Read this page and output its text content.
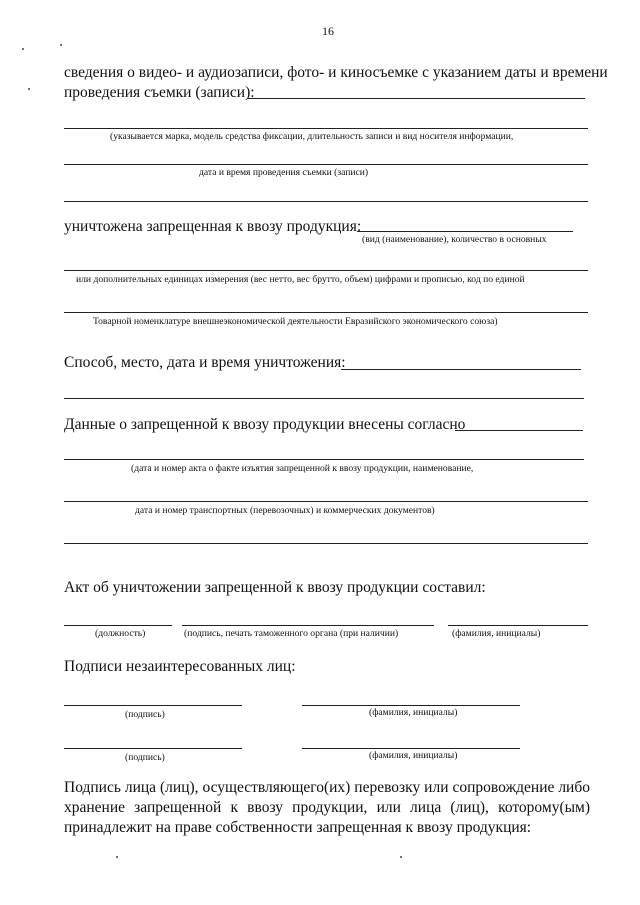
16
сведения о видео- и аудиозаписи, фото- и киносъемке с указанием даты и времени
проведения съемки (записи):
(указывается марка, модель средства фиксации, длительность записи и вид носителя информации,
дата и время проведения съемки (записи)
уничтожена запрещенная к ввозу продукция:
(вид (наименование), количество в основных
или дополнительных единицах измерения (вес нетто, вес брутто, объем) цифрами и прописью, код по единой
Товарной номенклатуре внешнеэкономической деятельности Евразийского экономического союза)
Способ, место, дата и время уничтожения:
Данные о запрещенной к ввозу продукции внесены согласно
(дата и номер акта о факте изъятия запрещенной к ввозу продукции, наименование,
дата и номер транспортных (перевозочных) и коммерческих документов)
Акт об уничтожении запрещенной к ввозу продукции составил:
(должность)	(подпись, печать таможенного органа (при наличии)	(фамилия, инициалы)
Подписи незаинтересованных лиц:
(подпись)	(фамилия, инициалы)
(подпись)	(фамилия, инициалы)
Подпись лица (лиц), осуществляющего(их) перевозку или сопровождение либо
хранение запрещенной к ввозу продукции, или лица (лиц), которому(ым)
принадлежит на праве собственности запрещенная к ввозу продукция:
